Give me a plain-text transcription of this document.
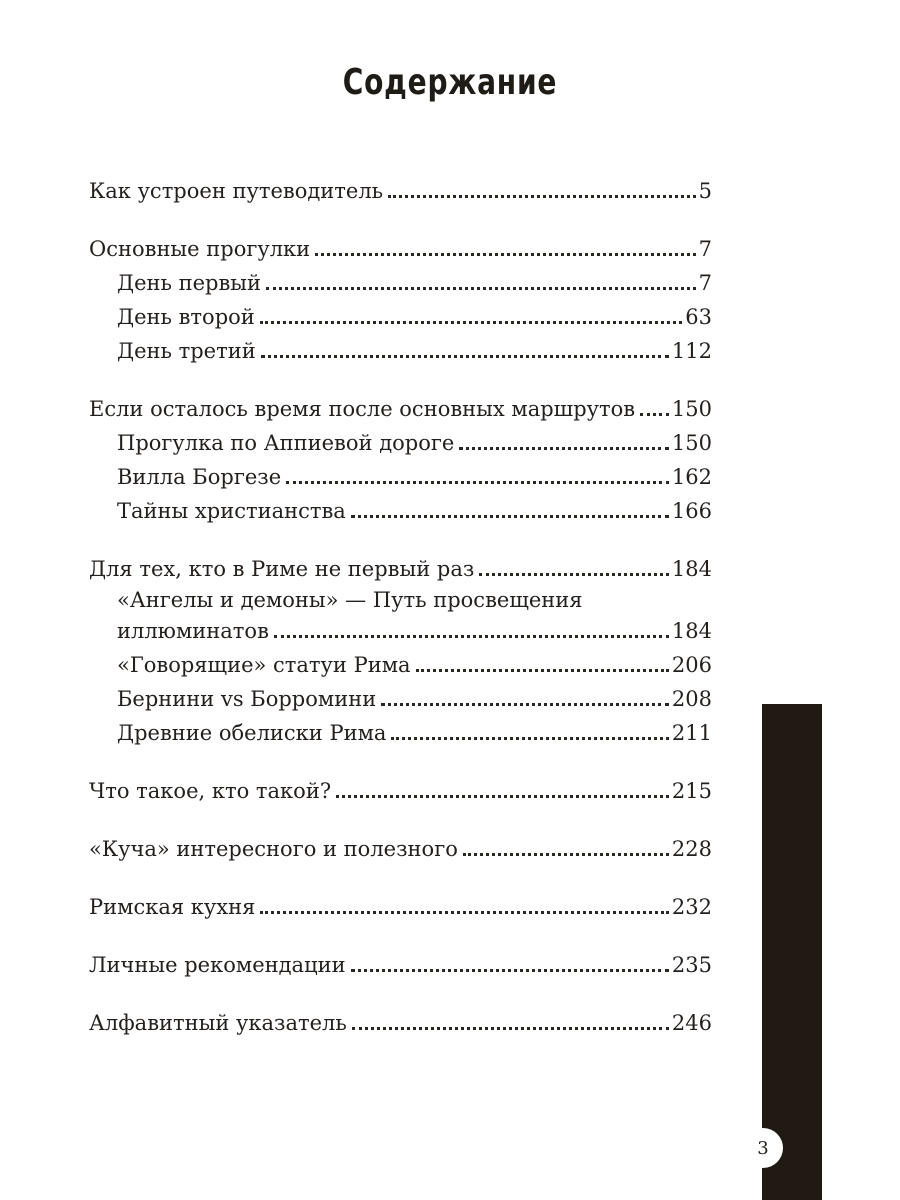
Содержание
Как устроен путеводитель	5
Основные прогулки	7
День первый	7
День второй	63
День третий	112
Если осталось время после основных маршрутов 150
Прогулка по Аппиевой дороге	150
Вилла Боргезе	162
Тайны христианства	166
Для тех, кто в Риме не первый раз	184
«Ангелы и демоны» — Путь просвещения
иллюминатов	184
«Говорящие» статуи Рима	206
Бернини vs Борромини	208
Древние обелиски Рима	211
Что такое, кто такой?	215
«Куча» интересного и полезного	228
Римская кухня	232
Личные рекомендации	235
Алфавитный указатель	246
3
